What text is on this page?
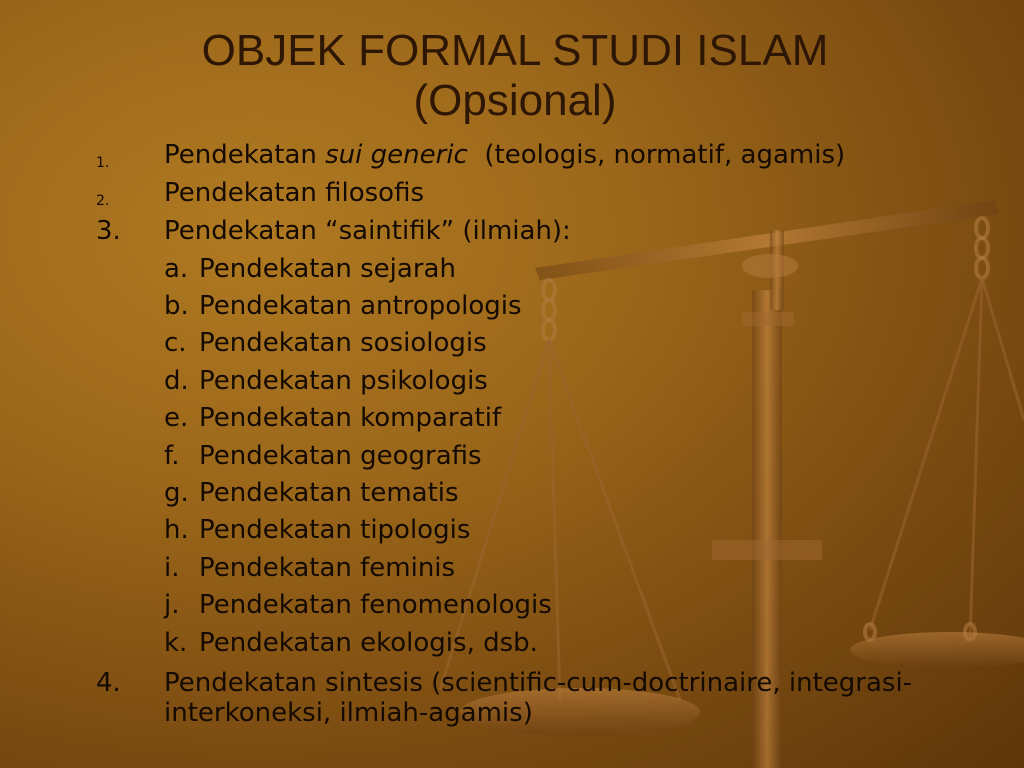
OBJEK FORMAL STUDI ISLAM
(Opsional)
1. Pendekatan sui generic  (teologis, normatif, agamis)
2. Pendekatan filosofis
3. Pendekatan “saintifik” (ilmiah):
a. Pendekatan sejarah
b. Pendekatan antropologis
c. Pendekatan sosiologis
d. Pendekatan psikologis
e. Pendekatan komparatif
f. Pendekatan geografis
g. Pendekatan tematis
h. Pendekatan tipologis
i. Pendekatan feminis
j. Pendekatan fenomenologis
k. Pendekatan ekologis, dsb.
4. Pendekatan sintesis (scientific-cum-doctrinaire, integrasi-
interkoneksi, ilmiah-agamis)
